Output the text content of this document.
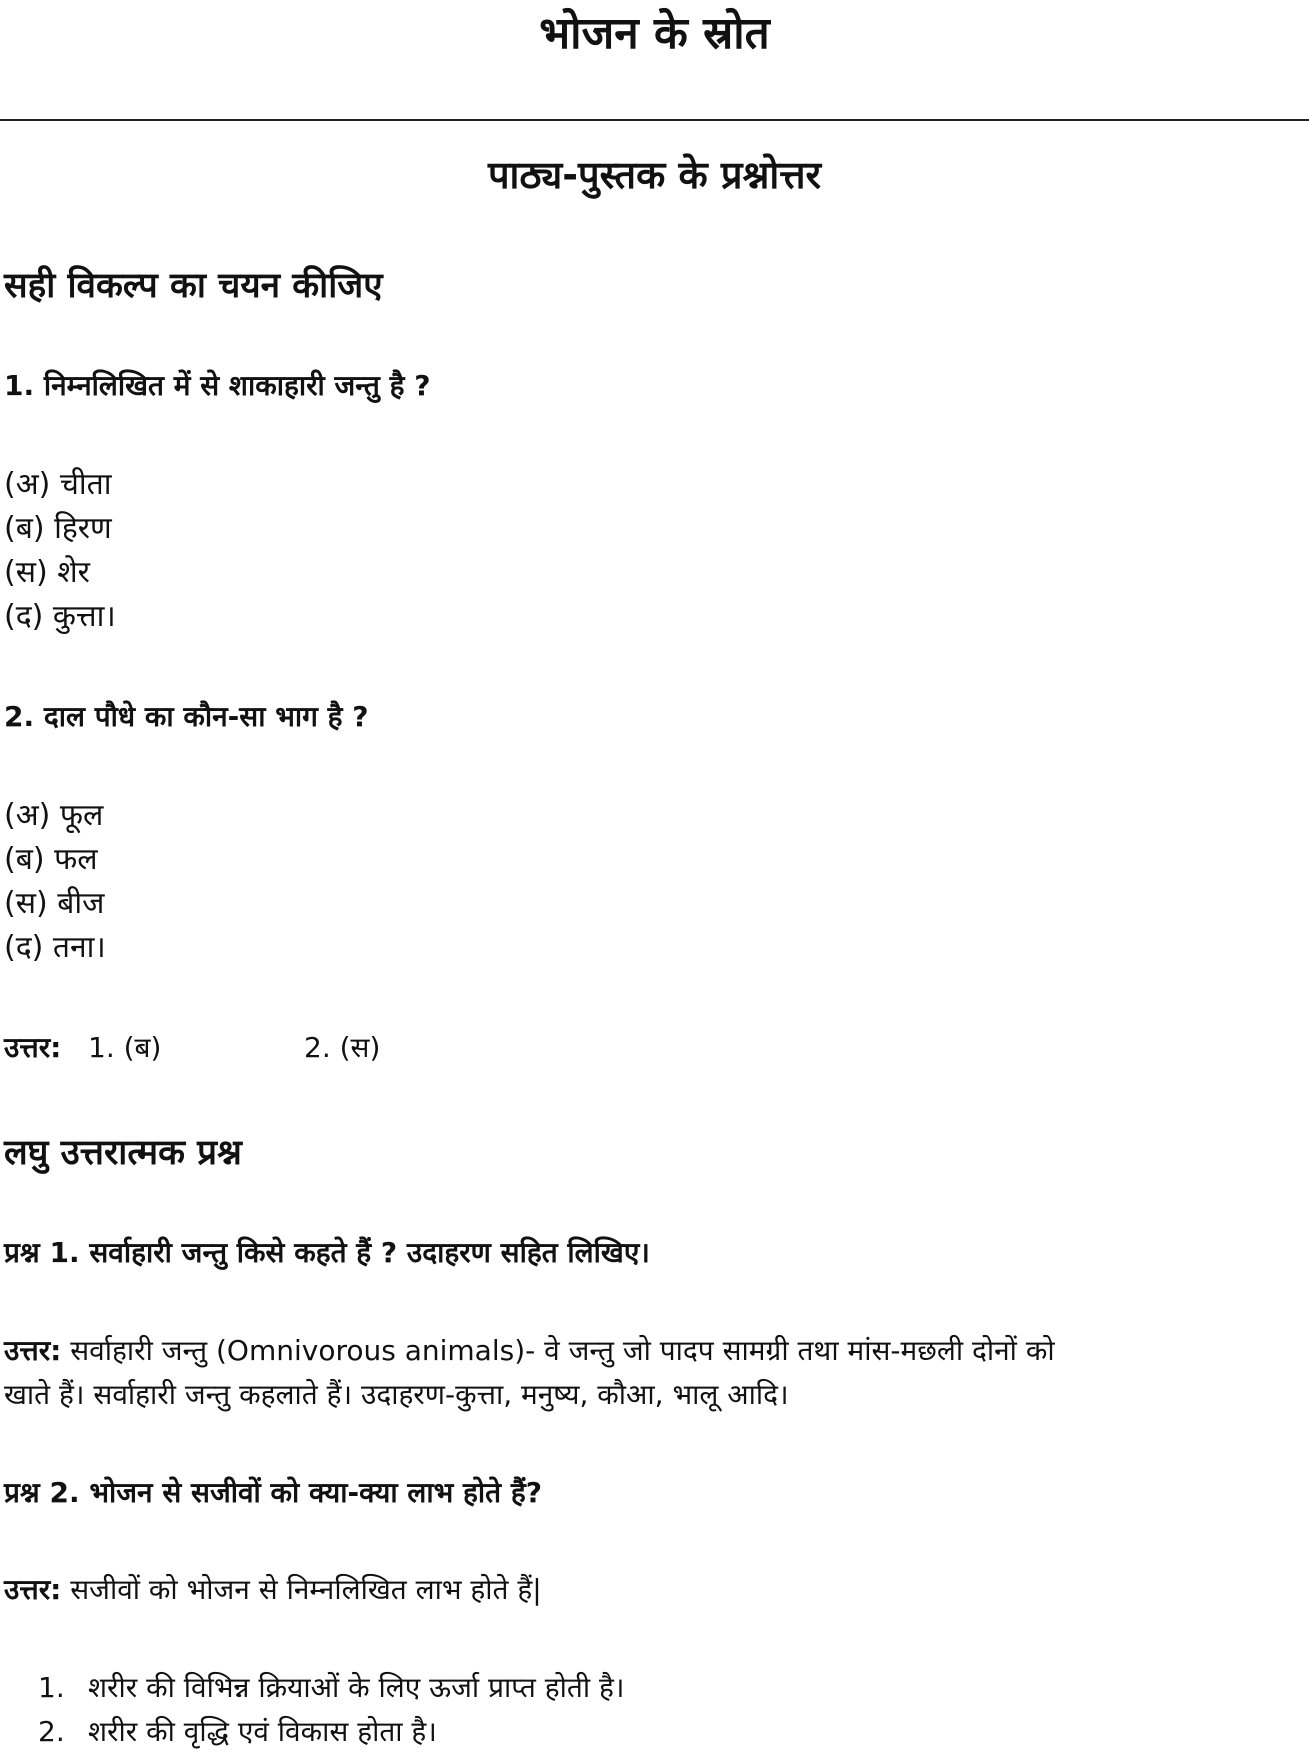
भोजन के स्रोत
पाठ्य-पुस्तक के प्रश्नोत्तर
सही विकल्प का चयन कीजिए
1. निम्नलिखित में से शाकाहारी जन्तु है ?
(अ) चीता
(ब) हिरण
(स) शेर
(द) कुत्ता।
2. दाल पौधे का कौन-सा भाग है ?
(अ) फूल
(ब) फल
(स) बीज
(द) तना।
उत्तर: 1. (ब)	2. (स)
लघु उत्तरात्मक प्रश्न
प्रश्न 1. सर्वाहारी जन्तु किसे कहते हैं ? उदाहरण सहित लिखिए।
उत्तर: सर्वाहारी जन्तु (Omnivorous animals)- वे जन्तु जो पादप सामग्री तथा मांस-मछली दोनों को
खाते हैं। सर्वाहारी जन्तु कहलाते हैं। उदाहरण-कुत्ता, मनुष्य, कौआ, भालू आदि।
प्रश्न 2. भोजन से सजीवों को क्या-क्या लाभ होते हैं?
उत्तर: सजीवों को भोजन से निम्नलिखित लाभ होते हैं|
1. शरीर की विभिन्न क्रियाओं के लिए ऊर्जा प्राप्त होती है।
2. शरीर की वृद्धि एवं विकास होता है।
